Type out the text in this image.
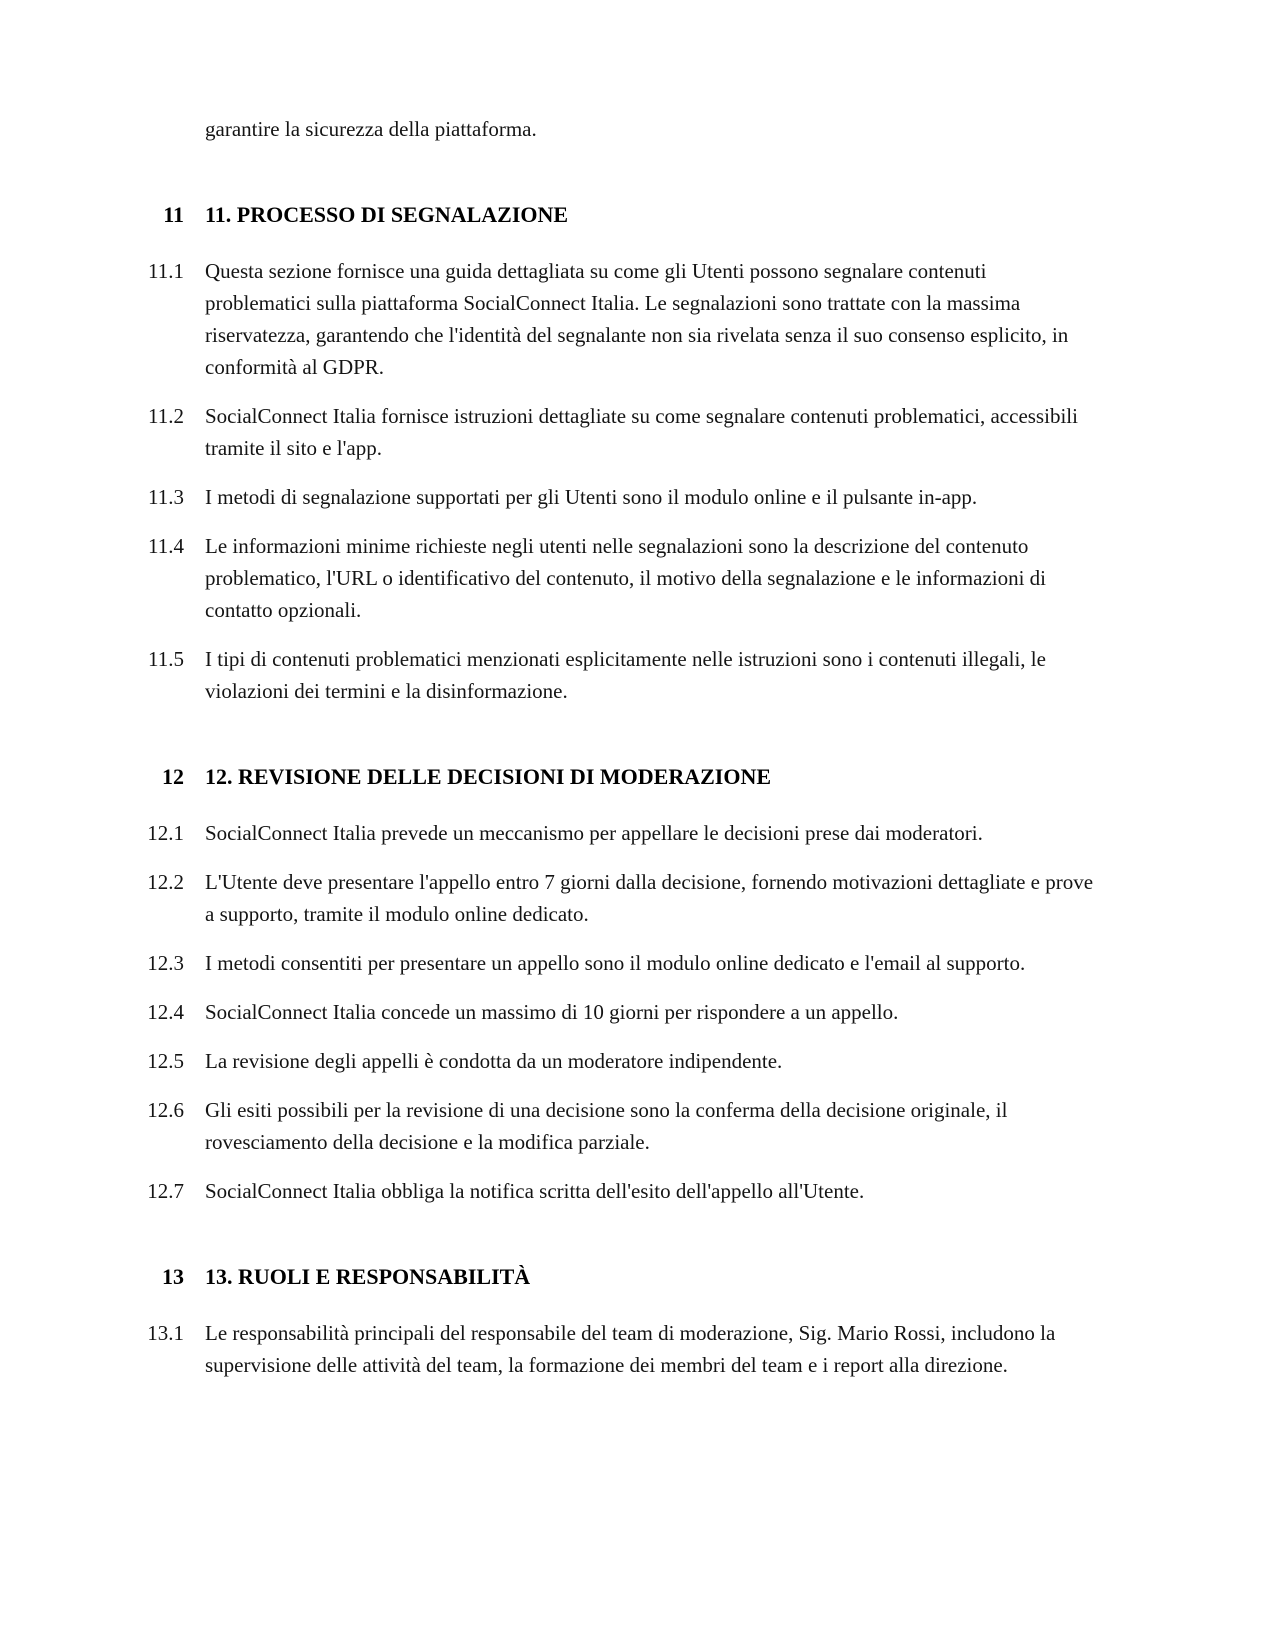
garantire la sicurezza della piattaforma.
11 11. PROCESSO DI SEGNALAZIONE
11.1 Questa sezione fornisce una guida dettagliata su come gli Utenti possono segnalare contenuti problematici sulla piattaforma SocialConnect Italia. Le segnalazioni sono trattate con la massima riservatezza, garantendo che l'identità del segnalante non sia rivelata senza il suo consenso esplicito, in conformità al GDPR.
11.2 SocialConnect Italia fornisce istruzioni dettagliate su come segnalare contenuti problematici, accessibili tramite il sito e l'app.
11.3 I metodi di segnalazione supportati per gli Utenti sono il modulo online e il pulsante in-app.
11.4 Le informazioni minime richieste negli utenti nelle segnalazioni sono la descrizione del contenuto problematico, l'URL o identificativo del contenuto, il motivo della segnalazione e le informazioni di contatto opzionali.
11.5 I tipi di contenuti problematici menzionati esplicitamente nelle istruzioni sono i contenuti illegali, le violazioni dei termini e la disinformazione.
12 12. REVISIONE DELLE DECISIONI DI MODERAZIONE
12.1 SocialConnect Italia prevede un meccanismo per appellare le decisioni prese dai moderatori.
12.2 L'Utente deve presentare l'appello entro 7 giorni dalla decisione, fornendo motivazioni dettagliate e prove a supporto, tramite il modulo online dedicato.
12.3 I metodi consentiti per presentare un appello sono il modulo online dedicato e l'email al supporto.
12.4 SocialConnect Italia concede un massimo di 10 giorni per rispondere a un appello.
12.5 La revisione degli appelli è condotta da un moderatore indipendente.
12.6 Gli esiti possibili per la revisione di una decisione sono la conferma della decisione originale, il rovesciamento della decisione e la modifica parziale.
12.7 SocialConnect Italia obbliga la notifica scritta dell'esito dell'appello all'Utente.
13 13. RUOLI E RESPONSABILITÀ
13.1 Le responsabilità principali del responsabile del team di moderazione, Sig. Mario Rossi, includono la supervisione delle attività del team, la formazione dei membri del team e i report alla direzione.
